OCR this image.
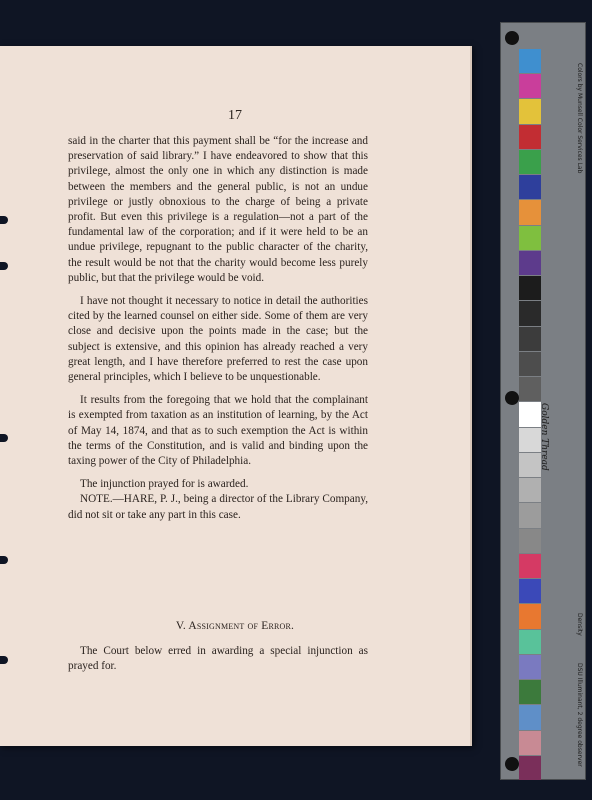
17

said in the charter that this payment shall be “for the increase and preservation of said library.” I have endeavored to show that this privilege, almost the only one in which any distinction is made between the members and the general public, is not an undue privilege or justly obnoxious to the charge of being a private profit. But even this privilege is a regulation—not a part of the fundamental law of the corporation; and if it were held to be an undue privilege, repugnant to the public character of the charity, the result would be not that the charity would become less purely public, but that the privilege would be void.

I have not thought it necessary to notice in detail the authorities cited by the learned counsel on either side. Some of them are very close and decisive upon the points made in the case; but the subject is extensive, and this opinion has already reached a very great length, and I have therefore preferred to rest the case upon general principles, which I believe to be unquestionable.

It results from the foregoing that we hold that the complainant is exempted from taxation as an institution of learning, by the Act of May 14, 1874, and that as to such exemption the Act is within the terms of the Constitution, and is valid and binding upon the taxing power of the City of Philadelphia.

The injunction prayed for is awarded.

NOTE.—HARE, P. J., being a director of the Library Company, did not sit or take any part in this case.

V. Assignment of Error.
The Court below erred in awarding a special injunction as prayed for.
Colors by Munsell Color Services Lab
Density
DSU Illuminant, 2 degree observer
Golden Thread
